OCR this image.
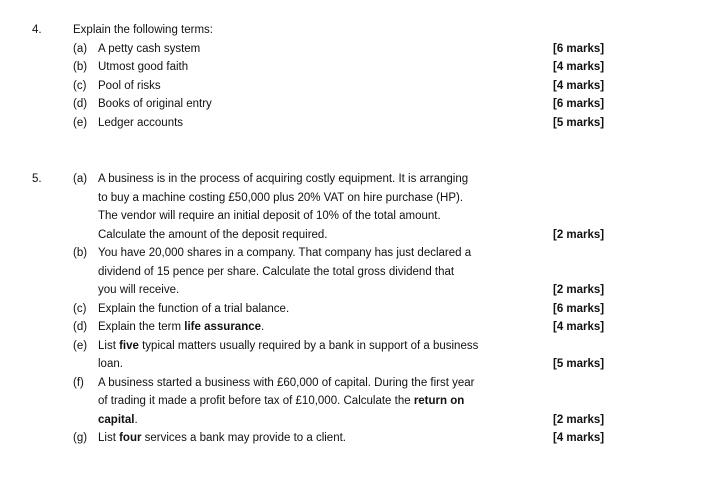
4.	Explain the following terms:
(a) A petty cash system	[6 marks]
(b) Utmost good faith	[4 marks]
(c) Pool of risks	[4 marks]
(d) Books of original entry	[6 marks]
(e) Ledger accounts	[5 marks]
5.	(a) A business is in the process of acquiring costly equipment. It is arranging
to buy a machine costing £50,000 plus 20% VAT on hire purchase (HP).
The vendor will require an initial deposit of 10% of the total amount.
Calculate the amount of the deposit required.	[2 marks]
(b) You have 20,000 shares in a company. That company has just declared a
dividend of 15 pence per share. Calculate the total gross dividend that
you will receive.	[2 marks]
(c) Explain the function of a trial balance.	[6 marks]
(d) Explain the term life assurance.	[4 marks]
(e) List five typical matters usually required by a bank in support of a business
loan.	[5 marks]
(f) A business started a business with £60,000 of capital. During the first year
of trading it made a profit before tax of £10,000. Calculate the return on
capital.	[2 marks]
(g) List four services a bank may provide to a client.	[4 marks]
